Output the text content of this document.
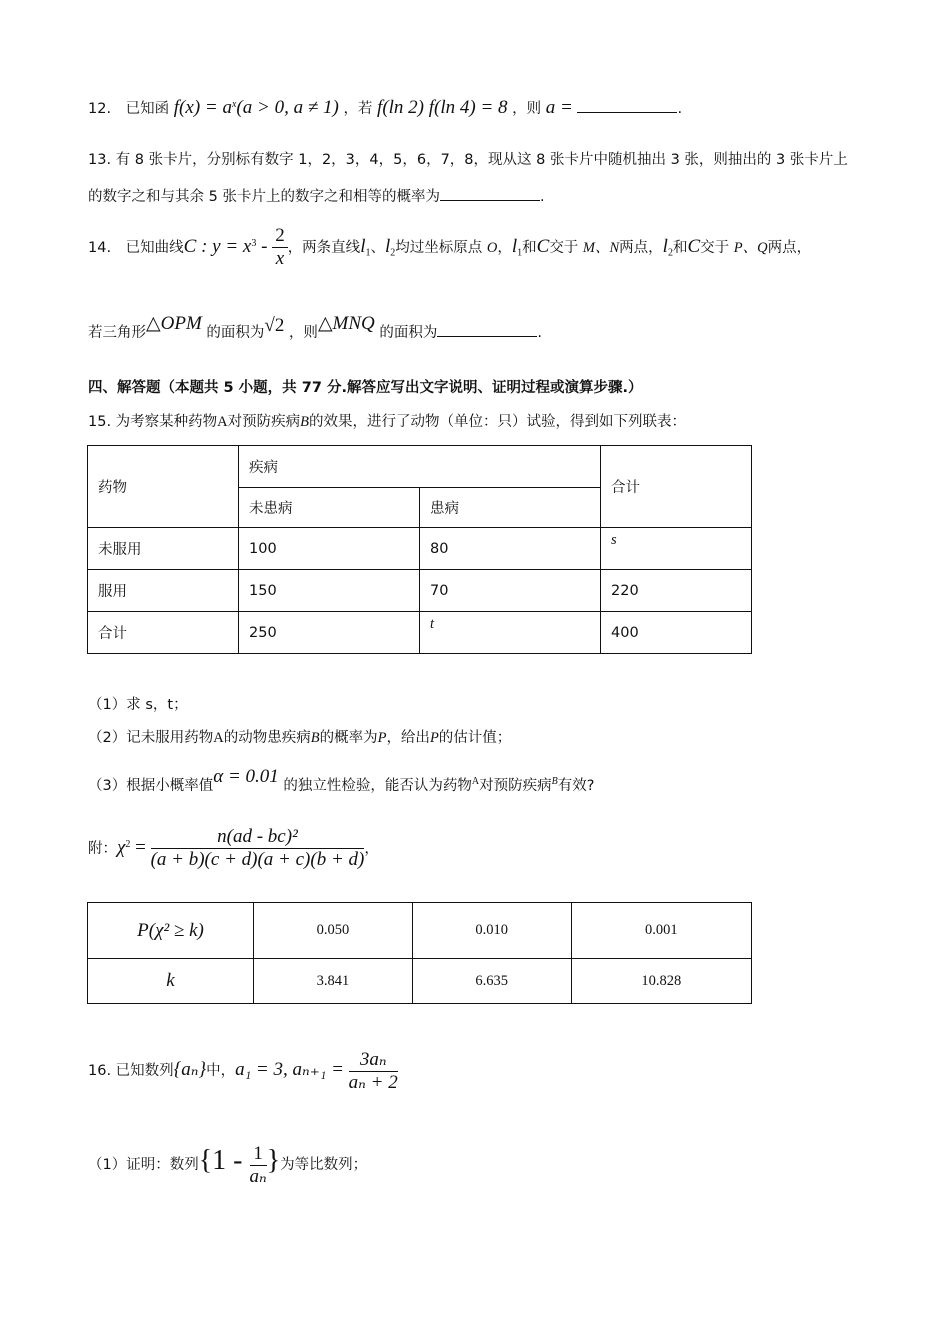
12. 已知函 $f(x) = a^x(a > 0$, a ≠ 1) ，若 f(ln 2) f(ln 4) = 8 ，则 a =	.
13. 有 8 张卡片，分别标有数字 1，2，3，4，5，6，7，8，现从这 8 张卡片中随机抽出 3 张，则抽出的 3 张卡片上
的数字之和与其余 5 张卡片上的数字之和相等的概率为	.
14. 已知曲线C : $y = x^3 - \frac{2}{x}$ ，两条直线$l_1$、$l_2$均过坐标原点 O，$l_1$和C交于 M、N两点，$l_2$和C交于 P、Q两点，
若三角形△OPM 的面积为√2 ，则△MNQ 的面积为	.
四、解答题（本题共 5 小题，共 77 分.解答应写出文字说明、证明过程或演算步骤.）
15. 为考察某种药物A对预防疾病B的效果，进行了动物（单位：只）试验，得到如下列联表：
药物	疾病		合计
	未患病	患病	
未服用	100	80	s
服用	150	70	220
合计	250	t	400
（1）求 s，t；
（2）记未服用药物A的动物患疾病B的概率为P，给出P的估计值；
（3）根据小概率值α = 0.01 的独立性检验，能否认为药物$^A$对预防疾病$^B$有效?
附：$\chi^2 = \frac{\text{n(ad - bc)²}}{(a + b)(c + d)(a + c)(b + d)}$ ，
P(χ² ≥ k)	0.050	0.010	0.001
k	3.841	6.635	10.828
16. 已知数列{aₙ}中，a₁ = 3, $a_{n+1} = \frac{\text{3aₙ}}{\text{aₙ + 2}}$
（1）证明：数列{$1 - \frac{1}{\text{aₙ}}$ }为等比数列；
